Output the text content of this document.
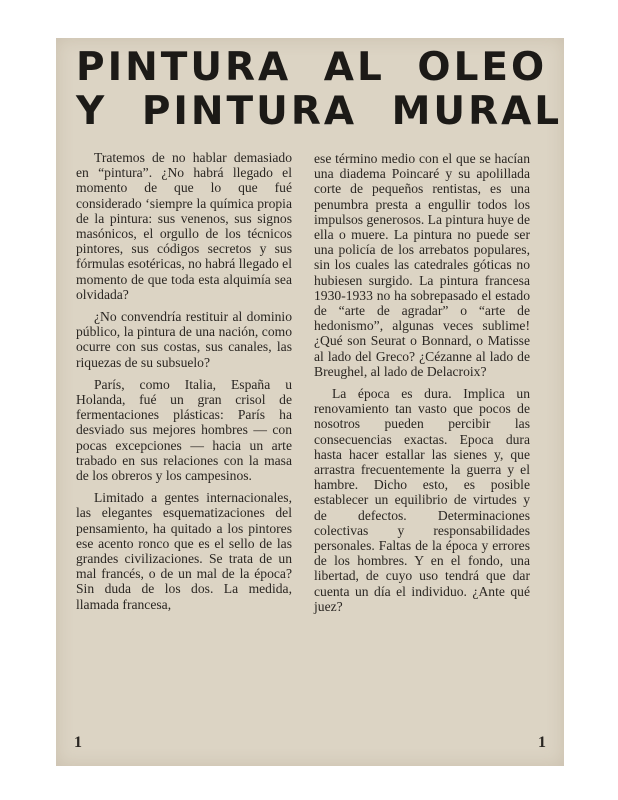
PINTURA AL OLEO
Y PINTURA MURAL

Tratemos de no hablar demasiado en “pintura”. ¿No habrá llegado el momento de que lo que fué considerado ‘siempre la química propia de la pintura: sus venenos, sus signos masónicos, el orgullo de los técnicos pintores, sus códigos secretos y sus fórmulas esotéricas, no habrá llegado el momento de que toda esta alquimía sea olvidada?

¿No convendría restituir al dominio público, la pintura de una nación, como ocurre con sus costas, sus canales, las riquezas de su subsuelo?

París, como Italia, España u Holanda, fué un gran crisol de fermentaciones plásticas: París ha desviado sus mejores hombres — con pocas excepciones — hacia un arte trabado en sus relaciones con la masa de los obreros y los campesinos.

Limitado a gentes internacionales, las elegantes esquematizaciones del pensamiento, ha quitado a los pintores ese acento ronco que es el sello de las grandes civilizaciones. Se trata de un mal francés, o de un mal de la época? Sin duda de los dos. La medida, llamada francesa,

ese término medio con el que se hacían una diadema Poincaré y su apolillada corte de pequeños rentistas, es una penumbra presta a engullir todos los impulsos generosos. La pintura huye de ella o muere. La pintura no puede ser una policía de los arrebatos populares, sin los cuales las catedrales góticas no hubiesen surgido. La pintura francesa 1930-1933 no ha sobrepasado el estado de “arte de agradar” o “arte de hedonismo”, algunas veces sublime! ¿Qué son Seurat o Bonnard, o Matisse al lado del Greco? ¿Cézanne al lado de Breughel, al lado de Delacroix?

La época es dura. Implica un renovamiento tan vasto que pocos de nosotros pueden percibir las consecuencias exactas. Epoca dura hasta hacer estallar las sienes y, que arrastra frecuentemente la guerra y el hambre. Dicho esto, es posible establecer un equilibrio de virtudes y de defectos. Determinaciones colectivas y responsabilidades personales. Faltas de la época y errores de los hombres. Y en el fondo, una libertad, de cuyo uso tendrá que dar cuenta un día el individuo. ¿Ante qué juez?

1	1
